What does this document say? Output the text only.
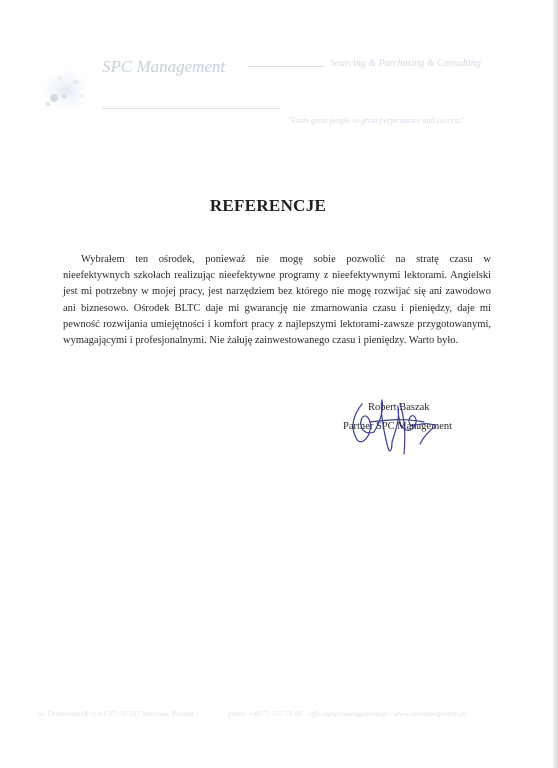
SPC Management	Sourcing & Purchasing & Consulting
"From great people to great performance and success"
REFERENCJE
Wybrałem ten ośrodek, ponieważ nie mogę sobie pozwolić na stratę czasu w
nieefektywnych szkołach realizując nieefektywne programy z nieefektywnymi lektorami. Angielski
jest mi potrzebny w mojej pracy, jest narzędziem bez którego nie mogę rozwijać się ani zawodowo
ani biznesowo. Ośrodek BLTC daje mi gwarancję nie zmarnowania czasu i pieniędzy, daje mi
pewność rozwijania umiejętności i komfort pracy z najlepszymi lektorami-zawsze przygotowanymi,
wymagającymi i profesjonalnymi. Nie żałuję zainwestowanego czasu i pieniędzy. Warto było.
Robert Baszak
Partner SPC Management
ul. Drobnicka (Krzyki) 37, 50-237 Wrocław, Poland	phone +48 71 722 78 08 office@spcmanagement.pl - www.spcmanagement.pl
